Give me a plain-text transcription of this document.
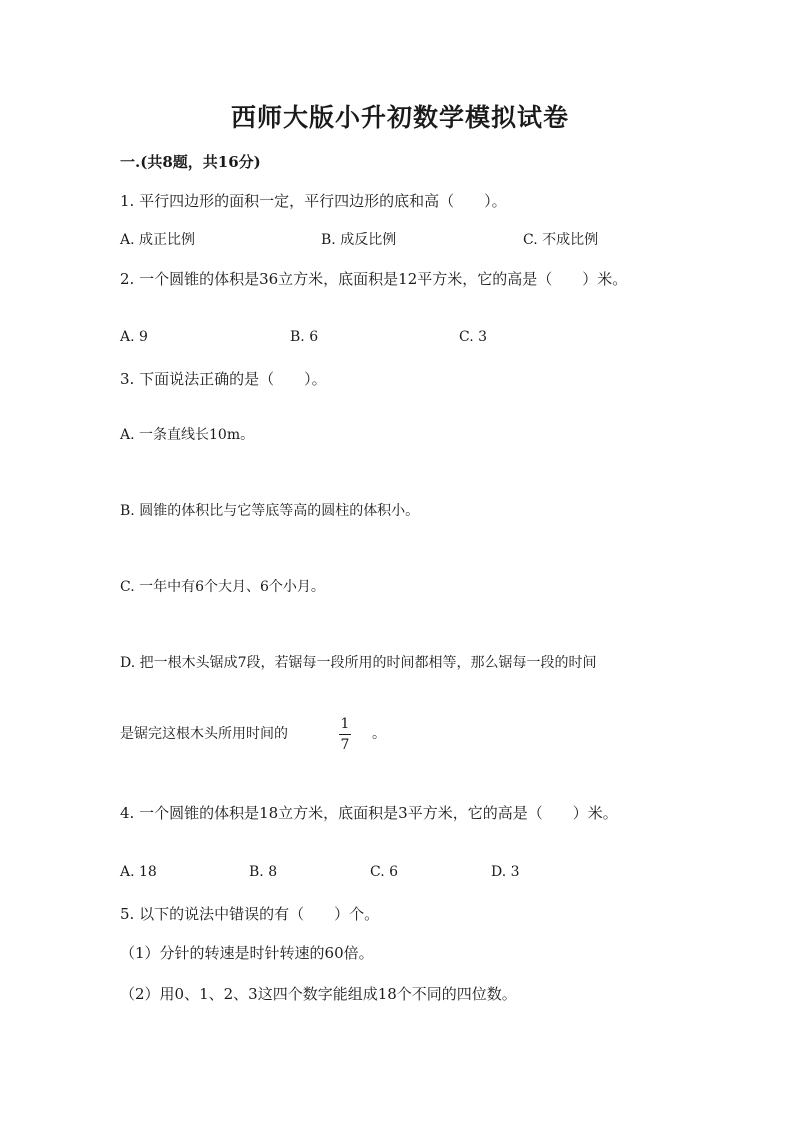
西师大版小升初数学模拟试卷
一.(共8题，共16分)
1. 平行四边形的面积一定，平行四边形的底和高（　　）。
A. 成正比例	B. 成反比例	C. 不成比例
2. 一个圆锥的体积是36立方米，底面积是12平方米，它的高是（　　）米。
A. 9	B. 6	C. 3
3. 下面说法正确的是（　　）。
A. 一条直线长10m。
B. 圆锥的体积比与它等底等高的圆柱的体积小。
C. 一年中有6个大月、6个小月。
D. 把一根木头锯成7段，若锯每一段所用的时间都相等，那么锯每一段的时间
是锯完这根木头所用时间的
1
7
。
4. 一个圆锥的体积是18立方米，底面积是3平方米，它的高是（　　）米。
A. 18	B. 8	C. 6	D. 3
5. 以下的说法中错误的有（　　）个。
（1）分针的转速是时针转速的60倍。
（2）用0、1、2、3这四个数字能组成18个不同的四位数。
